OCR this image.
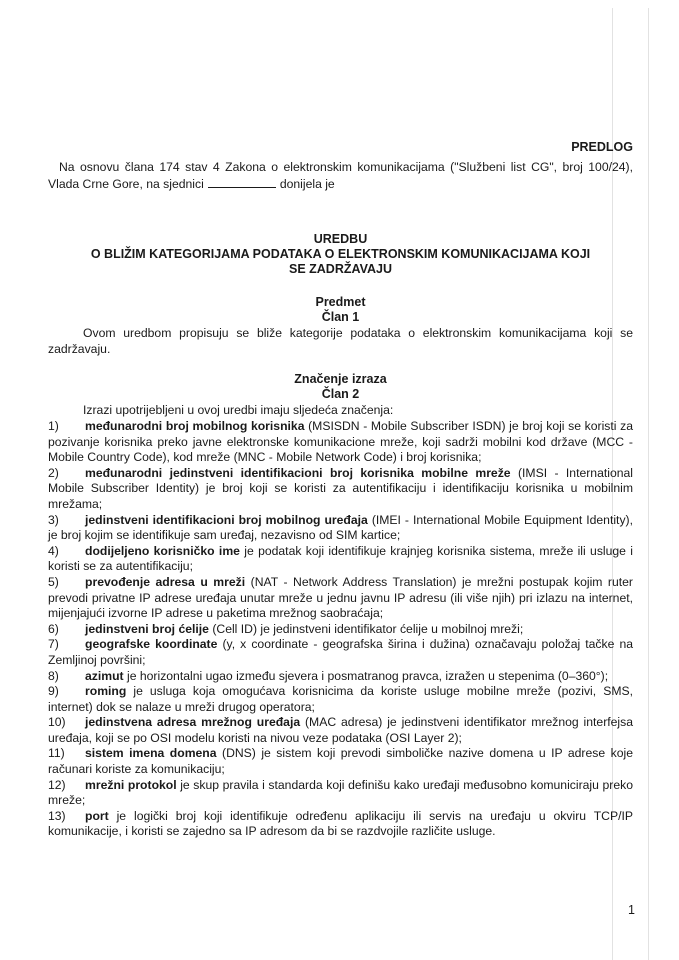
PREDLOG
Na osnovu člana 174 stav 4 Zakona o elektronskim komunikacijama ("Službeni list CG", broj 100/24), Vlada Crne Gore, na sjednici	donijela je
UREDBU
O BLIŽIM KATEGORIJAMA PODATAKA O ELEKTRONSKIM KOMUNIKACIJAMA KOJI SE ZADRŽAVAJU
Predmet
Član 1
Ovom uredbom propisuju se bliže kategorije podataka o elektronskim komunikacijama koji se zadržavaju.
Značenje izraza
Član 2
Izrazi upotrijebljeni u ovoj uredbi imaju sljedeća značenja:

1) međunarodni broj mobilnog korisnika (MSISDN - Mobile Subscriber ISDN) je broj koji se koristi za pozivanje korisnika preko javne elektronske komunikacione mreže, koji sadrži mobilni kod države (MCC - Mobile Country Code), kod mreže (MNC - Mobile Network Code) i broj korisnika;

2) međunarodni jedinstveni identifikacioni broj korisnika mobilne mreže (IMSI - International Mobile Subscriber Identity) je broj koji se koristi za autentifikaciju i identifikaciju korisnika u mobilnim mrežama;

3) jedinstveni identifikacioni broj mobilnog uređaja (IMEI - International Mobile Equipment Identity), je broj kojim se identifikuje sam uređaj, nezavisno od SIM kartice;

4) dodijeljeno korisničko ime je podatak koji identifikuje krajnjeg korisnika sistema, mreže ili usluge i koristi se za autentifikaciju;

5) prevođenje adresa u mreži (NAT - Network Address Translation) je mrežni postupak kojim ruter prevodi privatne IP adrese uređaja unutar mreže u jednu javnu IP adresu (ili više njih) pri izlazu na internet, mijenjajući izvorne IP adrese u paketima mrežnog saobraćaja;

6) jedinstveni broj ćelije (Cell ID) je jedinstveni identifikator ćelije u mobilnoj mreži;

7) geografske koordinate (y, x coordinate - geografska širina i dužina) označavaju položaj tačke na Zemljinoj površini;

8) azimut je horizontalni ugao između sjevera i posmatranog pravca, izražen u stepenima (0–360°);

9) roming je usluga koja omogućava korisnicima da koriste usluge mobilne mreže (pozivi, SMS, internet) dok se nalaze u mreži drugog operatora;

10) jedinstvena adresa mrežnog uređaja (MAC adresa) je jedinstveni identifikator mrežnog interfejsa uređaja, koji se po OSI modelu koristi na nivou veze podataka (OSI Layer 2);

11) sistem imena domena (DNS) je sistem koji prevodi simboličke nazive domena u IP adrese koje računari koriste za komunikaciju;

12) mrežni protokol je skup pravila i standarda koji definišu kako uređaji međusobno komuniciraju preko mreže;

13) port je logički broj koji identifikuje određenu aplikaciju ili servis na uređaju u okviru TCP/IP komunikacije, i koristi se zajedno sa IP adresom da bi se razdvojile različite usluge.

1
